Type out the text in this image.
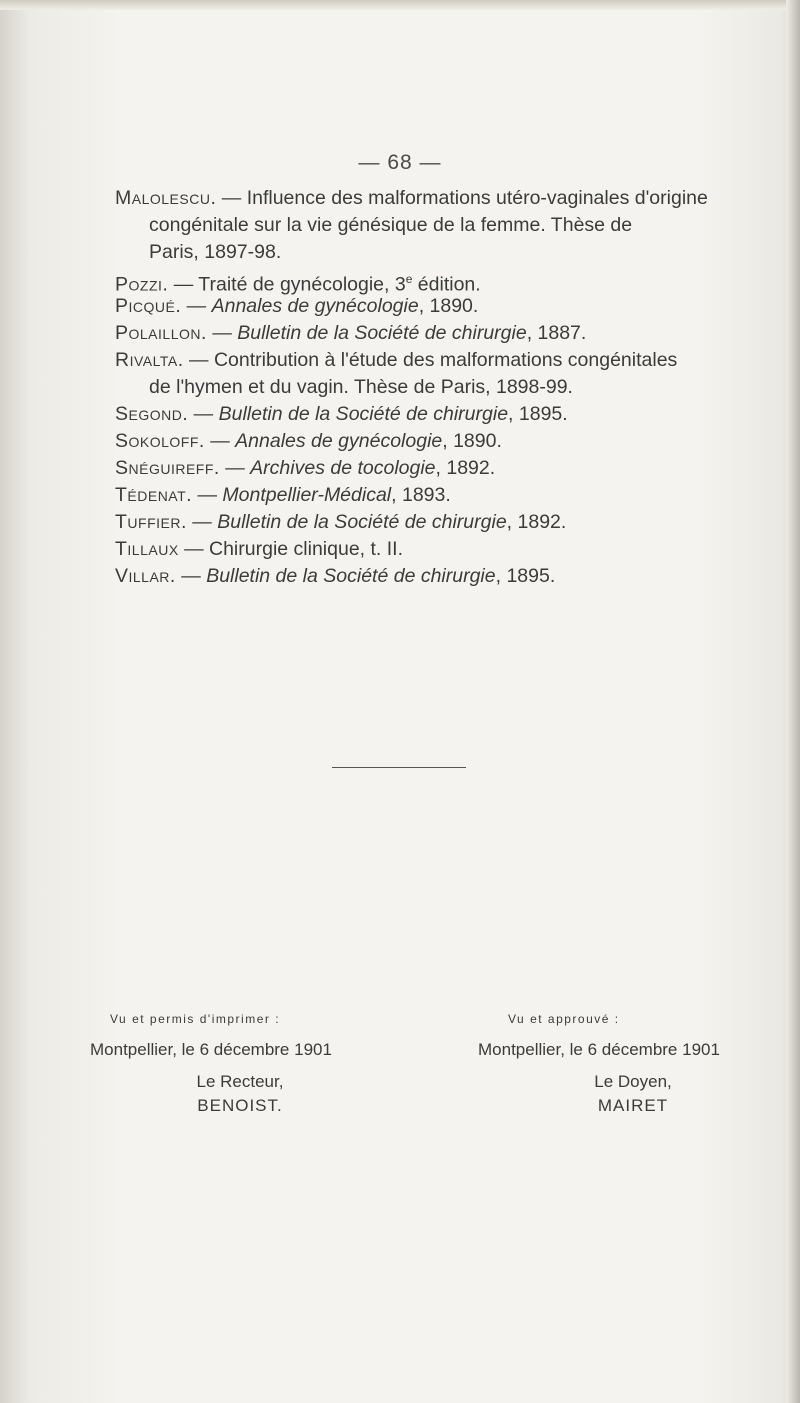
— 68 —
Malolescu. — Influence des malformations utéro-vaginales d'origine
congénitale sur la vie génésique de la femme. Thèse de
Paris, 1897-98.
Pozzi. — Traité de gynécologie, 3e édition.
Picqué. — Annales de gynécologie, 1890.
Polaillon. — Bulletin de la Société de chirurgie, 1887.
Rivalta. — Contribution à l'étude des malformations congénitales
de l'hymen et du vagin. Thèse de Paris, 1898-99.
Segond. — Bulletin de la Société de chirurgie, 1895.
Sokoloff. — Annales de gynécologie, 1890.
Snéguireff. — Archives de tocologie, 1892.
Tédenat. — Montpellier-Médical, 1893.
Tuffier. — Bulletin de la Société de chirurgie, 1892.
Tillaux — Chirurgie clinique, t. II.
Villar. — Bulletin de la Société de chirurgie, 1895.
Vu et permis d'imprimer :
Montpellier, le 6 décembre 1901
Le Recteur,
BENOIST.
Vu et approuvé :
Montpellier, le 6 décembre 1901
Le Doyen,
MAIRET
